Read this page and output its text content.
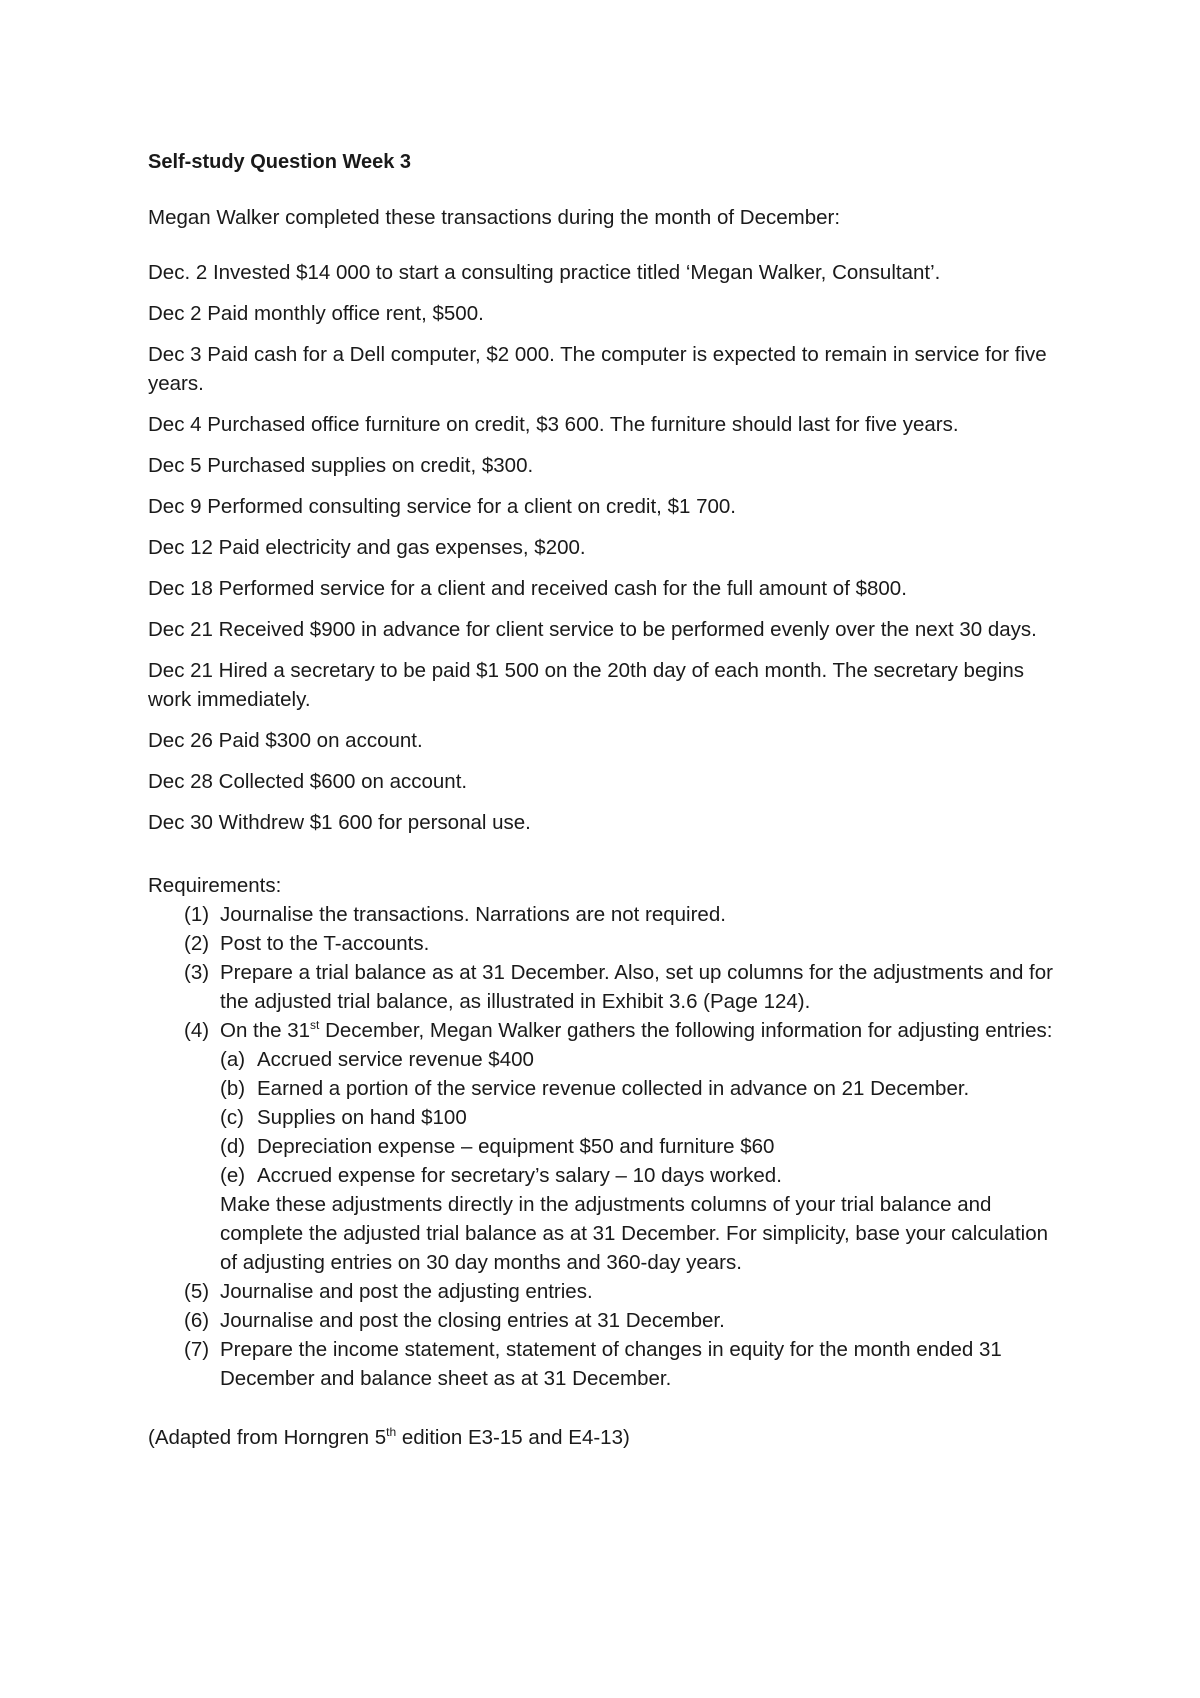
Self-study Question Week 3

Megan Walker completed these transactions during the month of December:

Dec. 2 Invested $14 000 to start a consulting practice titled ‘Megan Walker, Consultant’.
Dec 2 Paid monthly office rent, $500.
Dec 3 Paid cash for a Dell computer, $2 000. The computer is expected to remain in service for five years.
Dec 4 Purchased office furniture on credit, $3 600. The furniture should last for five years.
Dec 5 Purchased supplies on credit, $300.
Dec 9 Performed consulting service for a client on credit, $1 700.
Dec 12 Paid electricity and gas expenses, $200.
Dec 18 Performed service for a client and received cash for the full amount of $800.
Dec 21 Received $900 in advance for client service to be performed evenly over the next 30 days.
Dec 21 Hired a secretary to be paid $1 500 on the 20th day of each month. The secretary begins work immediately.
Dec 26 Paid $300 on account.
Dec 28 Collected $600 on account.
Dec 30 Withdrew $1 600 for personal use.

Requirements:

(1) Journalise the transactions. Narrations are not required.
(2) Post to the T-accounts.
(3) Prepare a trial balance as at 31 December. Also, set up columns for the adjustments and for the adjusted trial balance, as illustrated in Exhibit 3.6 (Page 124).
(4) On the 31st December, Megan Walker gathers the following information for adjusting entries:
(a) Accrued service revenue $400
(b) Earned a portion of the service revenue collected in advance on 21 December.
(c) Supplies on hand $100
(d) Depreciation expense – equipment $50 and furniture $60
(e) Accrued expense for secretary’s salary – 10 days worked.
Make these adjustments directly in the adjustments columns of your trial balance and complete the adjusted trial balance as at 31 December. For simplicity, base your calculation of adjusting entries on 30 day months and 360-day years.
(5) Journalise and post the adjusting entries.
(6) Journalise and post the closing entries at 31 December.
(7) Prepare the income statement, statement of changes in equity for the month ended 31 December and balance sheet as at 31 December.

(Adapted from Horngren 5th edition E3-15 and E4-13)
